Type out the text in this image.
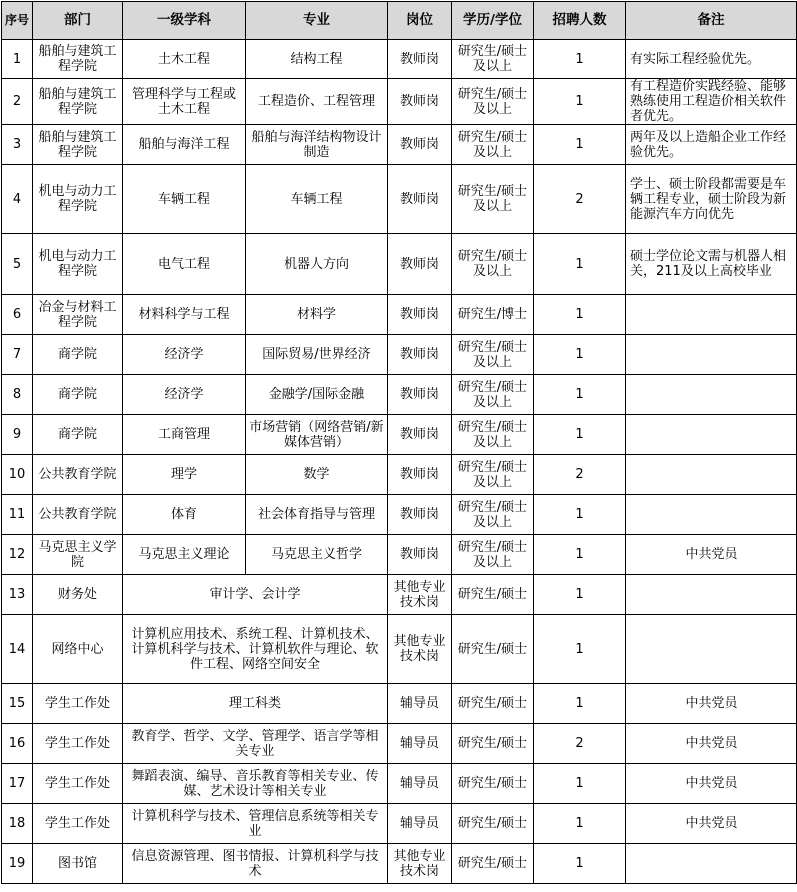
序号	部门	一级学科	专业	岗位	学历/学位	招聘人数	备注
1	船舶与建筑工程学院	土木工程	结构工程	教师岗	研究生/硕士及以上	1	有实际工程经验优先。
2	船舶与建筑工程学院	管理科学与工程或土木工程	工程造价、工程管理	教师岗	研究生/硕士及以上	1	有工程造价实践经验、能够熟练使用工程造价相关软件者优先。
3	船舶与建筑工程学院	船舶与海洋工程	船舶与海洋结构物设计制造	教师岗	研究生/硕士及以上	1	两年及以上造船企业工作经验优先。
4	机电与动力工程学院	车辆工程	车辆工程	教师岗	研究生/硕士及以上	2	学士、硕士阶段都需要是车辆工程专业，硕士阶段为新能源汽车方向优先
5	机电与动力工程学院	电气工程	机器人方向	教师岗	研究生/硕士及以上	1	硕士学位论文需与机器人相关，211及以上高校毕业
6	冶金与材料工程学院	材料科学与工程	材料学	教师岗	研究生/博士	1	
7	商学院	经济学	国际贸易/世界经济	教师岗	研究生/硕士及以上	1	
8	商学院	经济学	金融学/国际金融	教师岗	研究生/硕士及以上	1	
9	商学院	工商管理	市场营销（网络营销/新媒体营销）	教师岗	研究生/硕士及以上	1	
10	公共教育学院	理学	数学	教师岗	研究生/硕士及以上	2	
11	公共教育学院	体育	社会体育指导与管理	教师岗	研究生/硕士及以上	1	
12	马克思主义学院	马克思主义理论	马克思主义哲学	教师岗	研究生/硕士及以上	1	中共党员
13	财务处	审计学、会计学		其他专业技术岗	研究生/硕士	1	
14	网络中心	计算机应用技术、系统工程、计算机技术、计算机科学与技术、计算机软件与理论、软件工程、网络空间安全		其他专业技术岗	研究生/硕士	1	
15	学生工作处	理工科类		辅导员	研究生/硕士	1	中共党员
16	学生工作处	教育学、哲学、文学、管理学、语言学等相关专业		辅导员	研究生/硕士	2	中共党员
17	学生工作处	舞蹈表演、编导、音乐教育等相关专业、传媒、艺术设计等相关专业		辅导员	研究生/硕士	1	中共党员
18	学生工作处	计算机科学与技术、管理信息系统等相关专业		辅导员	研究生/硕士	1	中共党员
19	图书馆	信息资源管理、图书情报、计算机科学与技术		其他专业技术岗	研究生/硕士	1	
